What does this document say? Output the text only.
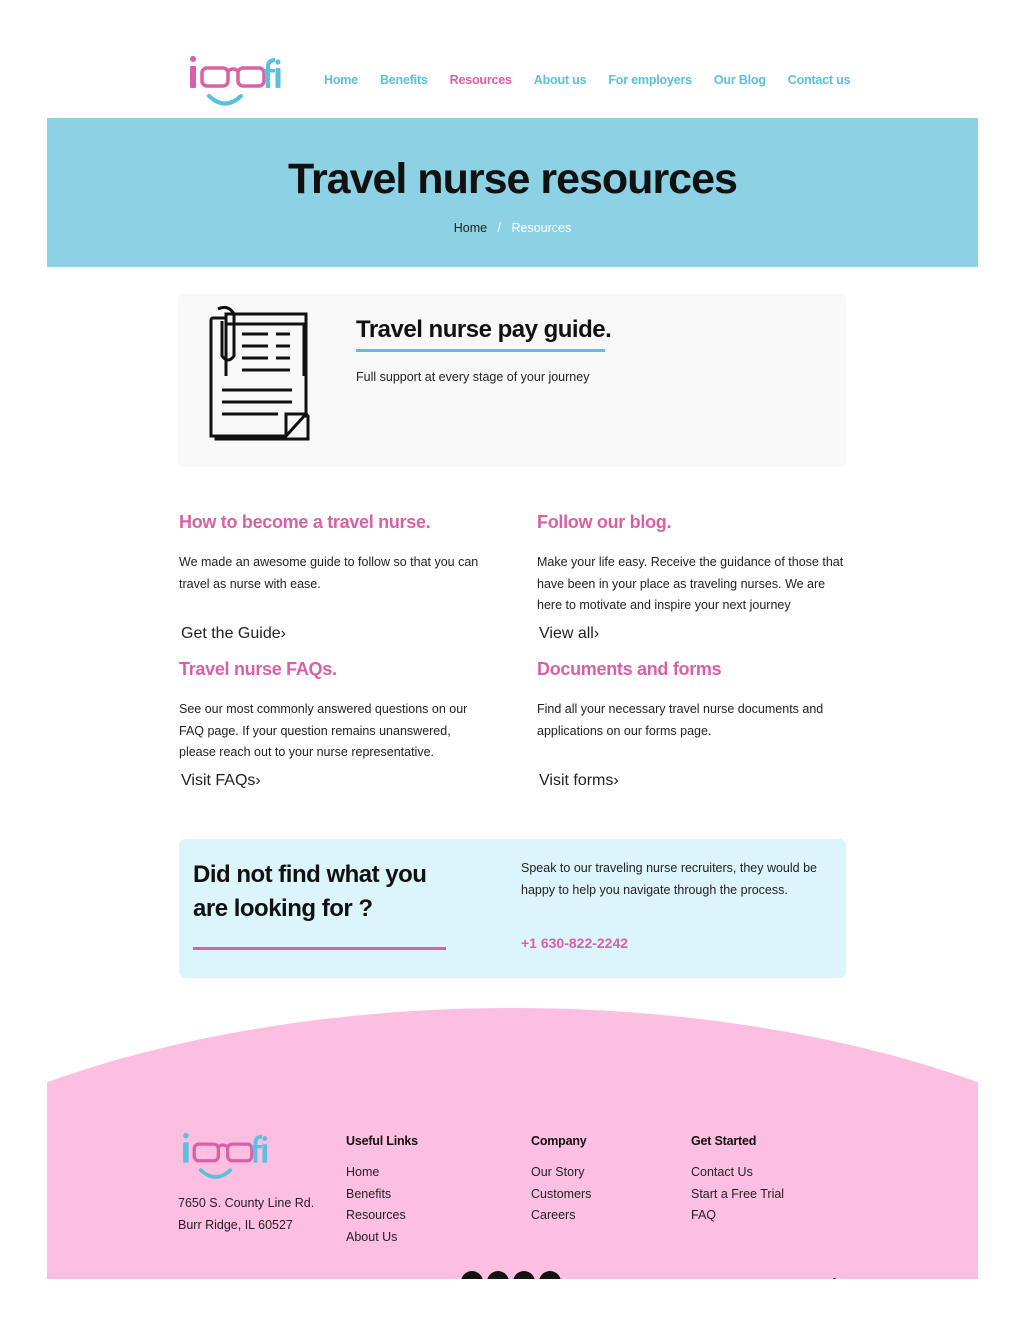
Home Benefits Resources About us For employers Our Blog Contact us
Travel nurse resources
Home / Resources
Travel nurse pay guide.

Full support at every stage of your journey

How to become a travel nurse.

We made an awesome guide to follow so that you can travel as nurse with ease.

Get the Guide›
Follow our blog.

Make your life easy. Receive the guidance of those that have been in your place as traveling nurses. We are here to motivate and inspire your next journey

View all›
Travel nurse FAQs.

See our most commonly answered questions on our FAQ page. If your question remains unanswered, please reach out to your nurse representative.

Visit FAQs›
Documents and forms

Find all your necessary travel nurse documents and applications on our forms page.

Visit forms›
Did not find what you are looking for ?

Speak to our traveling nurse recruiters, they would be happy to help you navigate through the process.

+1 630-822-2242
7650 S. County Line Rd.
Burr Ridge, IL 60527
Useful Links
Home
Benefits
Resources
About Us
Company
Our Story
Customers
Careers
Get Started
Contact Us
Start a Free Trial
FAQ
